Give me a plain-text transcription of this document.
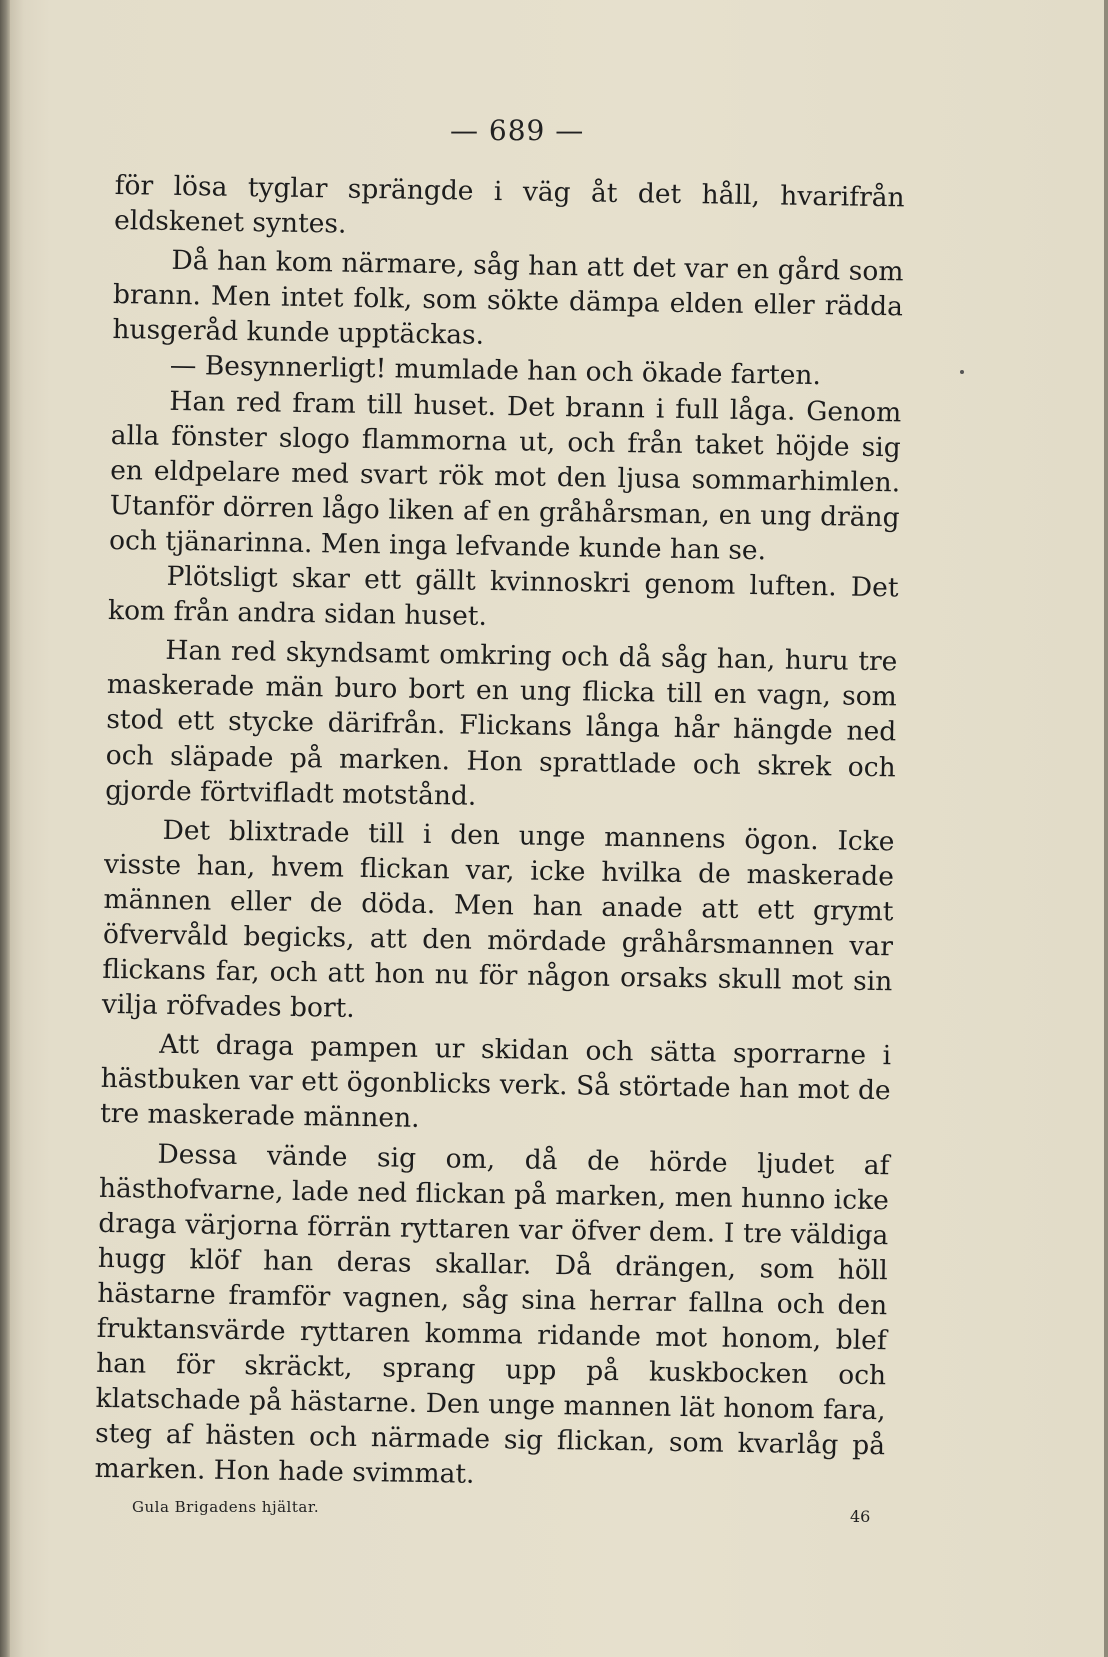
— 689 —

för lösa tyglar sprängde i väg åt det håll, hvarifrån eldskenet syntes.

Då han kom närmare, såg han att det var en gård som brann. Men intet folk, som sökte dämpa elden eller rädda husgeråd kunde upptäckas.

— Besynnerligt! mumlade han och ökade farten.

Han red fram till huset. Det brann i full låga. Genom alla fönster slogo flammorna ut, och från taket höjde sig en eldpelare med svart rök mot den ljusa sommarhimlen. Utanför dörren lågo liken af en gråhårsman, en ung dräng och tjänarinna. Men inga lefvande kunde han se.

Plötsligt skar ett gällt kvinnoskri genom luften. Det kom från andra sidan huset.

Han red skyndsamt omkring och då såg han, huru tre maskerade män buro bort en ung flicka till en vagn, som stod ett stycke därifrån. Flickans långa hår hängde ned och släpade på marken. Hon sprattlade och skrek och gjorde förtvifladt motstånd.

Det blixtrade till i den unge mannens ögon. Icke visste han, hvem flickan var, icke hvilka de maskerade männen eller de döda. Men han anade att ett grymt öfvervåld begicks, att den mördade gråhårsmannen var flickans far, och att hon nu för någon orsaks skull mot sin vilja röfvades bort.

Att draga pampen ur skidan och sätta sporrarne i hästbuken var ett ögonblicks verk. Så störtade han mot de tre maskerade männen.

Dessa vände sig om, då de hörde ljudet af hästhofvarne, lade ned flickan på marken, men hunno icke draga värjorna förrän ryttaren var öfver dem. I tre väldiga hugg klöf han deras skallar. Då drängen, som höll hästarne framför vagnen, såg sina herrar fallna och den fruktansvärde ryttaren komma ridande mot honom, blef han för skräckt, sprang upp på kuskbocken och klatschade på hästarne. Den unge mannen lät honom fara, steg af hästen och närmade sig flickan, som kvarlåg på marken. Hon hade svimmat.

Gula Brigadens hjältar.	46
